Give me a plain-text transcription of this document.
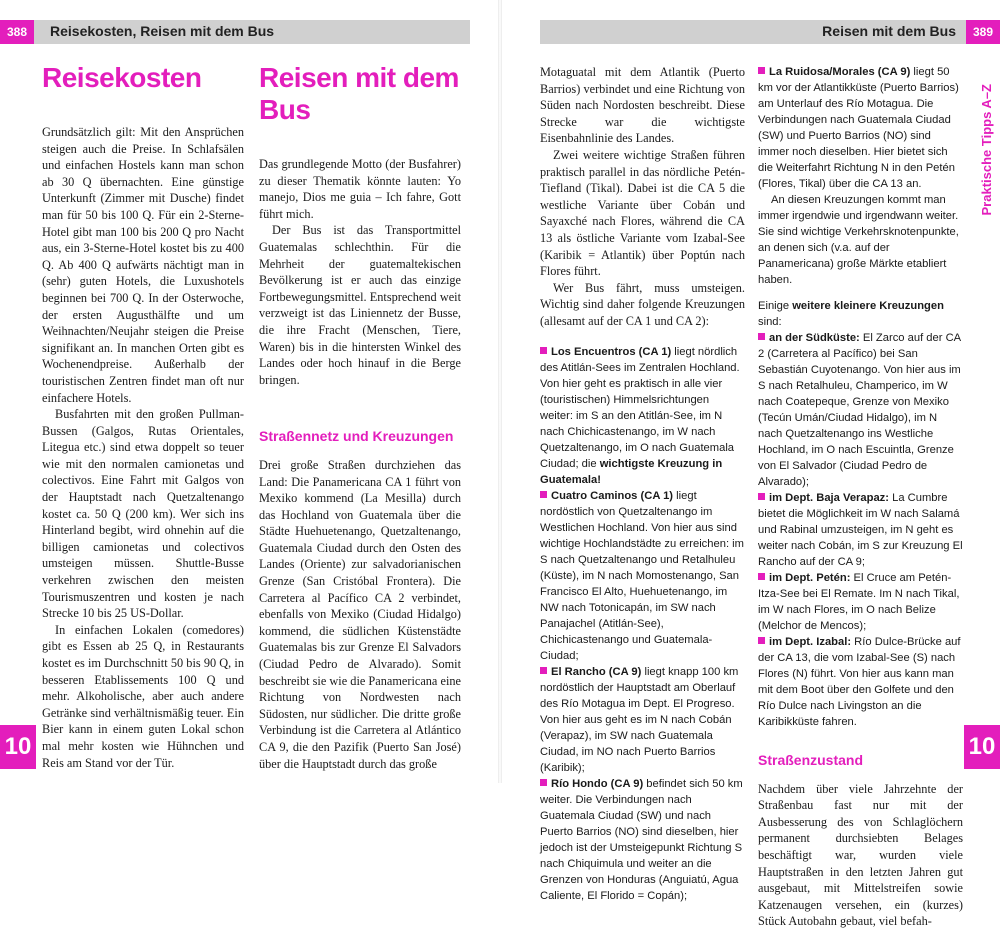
Reisekosten, Reisen mit dem Bus
388
Reisekosten

Grundsätzlich gilt: Mit den Ansprüchen steigen auch die Preise. In Schlafsälen und einfachen Hostels kann man schon ab 30 Q übernachten. Eine günstige Unterkunft (Zimmer mit Dusche) findet man für 50 bis 100 Q. Für ein 2-Sterne-Hotel gibt man 100 bis 200 Q pro Nacht aus, ein 3-Sterne-Hotel kostet bis zu 400 Q. Ab 400 Q aufwärts nächtigt man in (sehr) guten Hotels, die Luxushotels beginnen bei 700 Q. In der Osterwoche, der ersten Augusthälfte und um Weihnachten/Neujahr steigen die Preise signifikant an. In manchen Orten gibt es Wochenendpreise. Außerhalb der touristischen Zentren findet man oft nur einfachere Hotels.

Busfahrten mit den großen Pullman-Bussen (Galgos, Rutas Orientales, Litegua etc.) sind etwa doppelt so teuer wie mit den normalen camionetas und colectivos. Eine Fahrt mit Galgos von der Hauptstadt nach Quetzaltenango kostet ca. 50 Q (200 km). Wer sich ins Hinterland begibt, wird ohnehin auf die billigen camionetas und colectivos umsteigen müssen. Shuttle-Busse verkehren zwischen den meisten Tourismuszentren und kosten je nach Strecke 10 bis 25 US-Dollar.

In einfachen Lokalen (comedores) gibt es Essen ab 25 Q, in Restaurants kostet es im Durchschnitt 50 bis 90 Q, in besseren Etablissements 100 Q und mehr. Alkoholische, aber auch andere Getränke sind verhältnismäßig teuer. Ein Bier kann in einem guten Lokal schon mal mehr kosten wie Hühnchen und Reis am Stand vor der Tür.

Reisen mit dem Bus

Das grundlegende Motto (der Busfahrer) zu dieser Thematik könnte lauten: Yo manejo, Dios me guia – Ich fahre, Gott führt mich.

Der Bus ist das Transportmittel Guatemalas schlechthin. Für die Mehrheit der guatemaltekischen Bevölkerung ist er auch das einzige Fortbewegungsmittel. Entsprechend weit verzweigt ist das Liniennetz der Busse, die ihre Fracht (Menschen, Tiere, Waren) bis in die hintersten Winkel des Landes oder hoch hinauf in die Berge bringen.

Straßennetz und Kreuzungen

Drei große Straßen durchziehen das Land: Die Panamericana CA 1 führt von Mexiko kommend (La Mesilla) durch das Hochland von Guatemala über die Städte Huehuetenango, Quetzaltenango, Guatemala Ciudad durch den Osten des Landes (Oriente) zur salvadorianischen Grenze (San Cristóbal Frontera). Die Carretera al Pacífico CA 2 verbindet, ebenfalls von Mexiko (Ciudad Hidalgo) kommend, die südlichen Küstenstädte Guatemalas bis zur Grenze El Salvadors (Ciudad Pedro de Alvarado). Somit beschreibt sie wie die Panamericana eine Richtung von Nordwesten nach Südosten, nur südlicher. Die dritte große Verbindung ist die Carretera al Atlántico CA 9, die den Pazifik (Puerto San José) über die Hauptstadt durch das große

10
Reisen mit dem Bus	389
Praktische Tipps A–Z

Motaguatal mit dem Atlantik (Puerto Barrios) verbindet und eine Richtung von Süden nach Nordosten beschreibt. Diese Strecke war die wichtigste Eisenbahnlinie des Landes.

Zwei weitere wichtige Straßen führen praktisch parallel in das nördliche Petén-Tiefland (Tikal). Dabei ist die CA 5 die westliche Variante über Cobán und Sayaxché nach Flores, während die CA 13 als östliche Variante vom Izabal-See (Karibik = Atlantik) über Poptún nach Flores führt.

Wer Bus fährt, muss umsteigen. Wichtig sind daher folgende Kreuzungen (allesamt auf der CA 1 und CA 2):

Los Encuentros (CA 1) liegt nördlich des Atitlán-Sees im Zentralen Hochland. Von hier geht es praktisch in alle vier (touristischen) Himmelsrichtungen weiter: im S an den Atitlán-See, im N nach Chichicastenango, im W nach Quetzaltenango, im O nach Guatemala Ciudad; die wichtigste Kreuzung in Guatemala!
Cuatro Caminos (CA 1) liegt nordöstlich von Quetzaltenango im Westlichen Hochland. Von hier aus sind wichtige Hochlandstädte zu erreichen: im S nach Quetzaltenango und Retalhuleu (Küste), im N nach Momostenango, San Francisco El Alto, Huehuetenango, im NW nach Totonicapán, im SW nach Panajachel (Atitlán-See), Chichicastenango und Guatemala-Ciudad;
El Rancho (CA 9) liegt knapp 100 km nordöstlich der Hauptstadt am Oberlauf des Río Motagua im Dept. El Progreso. Von hier aus geht es im N nach Cobán (Verapaz), im SW nach Guatemala Ciudad, im NO nach Puerto Barrios (Karibik);
Río Hondo (CA 9) befindet sich 50 km weiter. Die Verbindungen nach Guatemala Ciudad (SW) und nach Puerto Barrios (NO) sind dieselben, hier jedoch ist der Umsteigepunkt Richtung S nach Chiquimula und weiter an die Grenzen von Honduras (Anguiatú, Agua Caliente, El Florido = Copán);
La Ruidosa/Morales (CA 9) liegt 50 km vor der Atlantikküste (Puerto Barrios) am Unterlauf des Río Motagua. Die Verbindungen nach Guatemala Ciudad (SW) und Puerto Barrios (NO) sind immer noch dieselben. Hier bietet sich die Weiterfahrt Richtung N in den Petén (Flores, Tikal) über die CA 13 an.

An diesen Kreuzungen kommt man immer irgendwie und irgendwann weiter. Sie sind wichtige Verkehrsknotenpunkte, an denen sich (v.a. auf der Panamericana) große Märkte etabliert haben.

Einige weitere kleinere Kreuzungen sind:

an der Südküste: El Zarco auf der CA 2 (Carretera al Pacífico) bei San Sebastián Cuyotenango. Von hier aus im S nach Retalhuleu, Champerico, im W nach Coatepeque, Grenze von Mexiko (Tecún Umán/Ciudad Hidalgo), im N nach Quetzaltenango ins Westliche Hochland, im O nach Escuintla, Grenze von El Salvador (Ciudad Pedro de Alvarado);
im Dept. Baja Verapaz: La Cumbre bietet die Möglichkeit im W nach Salamá und Rabinal umzusteigen, im N geht es weiter nach Cobán, im S zur Kreuzung El Rancho auf der CA 9;
im Dept. Petén: El Cruce am Petén-Itza-See bei El Remate. Im N nach Tikal, im W nach Flores, im O nach Belize (Melchor de Mencos);
im Dept. Izabal: Río Dulce-Brücke auf der CA 13, die vom Izabal-See (S) nach Flores (N) führt. Von hier aus kann man mit dem Boot über den Golfete und den Río Dulce nach Livingston an die Karibikküste fahren.
Straßenzustand

Nachdem über viele Jahrzehnte der Straßenbau fast nur mit der Ausbesserung des von Schlaglöchern permanent durchsiebten Belages beschäftigt war, wurden viele Hauptstraßen in den letzten Jahren gut ausgebaut, mit Mittelstreifen sowie Katzenaugen versehen, ein (kurzes) Stück Autobahn gebaut, viel befah-

10
